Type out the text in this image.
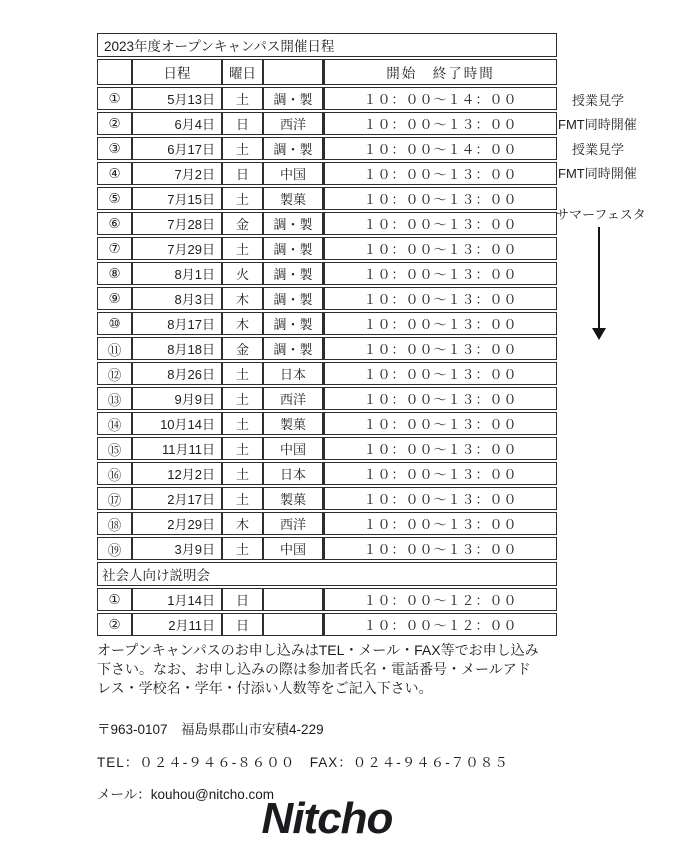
2023年度オープンキャンパス開催日程				
	日程	曜日		開始　終了時間
①	5月13日	土	調・製	１０：００～１４：００
②	6月4日	日	西洋	１０：００～１３：００
③	6月17日	土	調・製	１０：００～１４：００
④	7月2日	日	中国	１０：００～１３：００
⑤	7月15日	土	製菓	１０：００～１３：００
⑥	7月28日	金	調・製	１０：００～１３：００
⑦	7月29日	土	調・製	１０：００～１３：００
⑧	8月1日	火	調・製	１０：００～１３：００
⑨	8月3日	木	調・製	１０：００～１３：００
⑩	8月17日	木	調・製	１０：００～１３：００
⑪	8月18日	金	調・製	１０：００～１３：００
⑫	8月26日	土	日本	１０：００～１３：００
⑬	9月9日	土	西洋	１０：００～１３：００
⑭	10月14日	土	製菓	１０：００～１３：００
⑮	11月11日	土	中国	１０：００～１３：００
⑯	12月2日	土	日本	１０：００～１３：００
⑰	2月17日	土	製菓	１０：００～１３：００
⑱	2月29日	木	西洋	１０：００～１３：００
⑲	3月9日	土	中国	１０：００～１３：００
社会人向け説明会				
①	1月14日	日		１０：００～１２：００
②	2月11日	日		１０：００～１２：００
授業見学
FMT同時開催
授業見学
FMT同時開催
サマーフェスタ
オープンキャンパスのお申し込みはTEL・メール・FAX等でお申し込み
下さい。なお、お申し込みの際は参加者氏名・電話番号・メールアド
レス・学校名・学年・付添い人数等をご記入下さい。
〒963-0107　福島県郡山市安積4-229
TEL：０２４-９４６-８６００　FAX：０２４-９４６-７０８５
メール：kouhou@nitcho.com
Nitcho
